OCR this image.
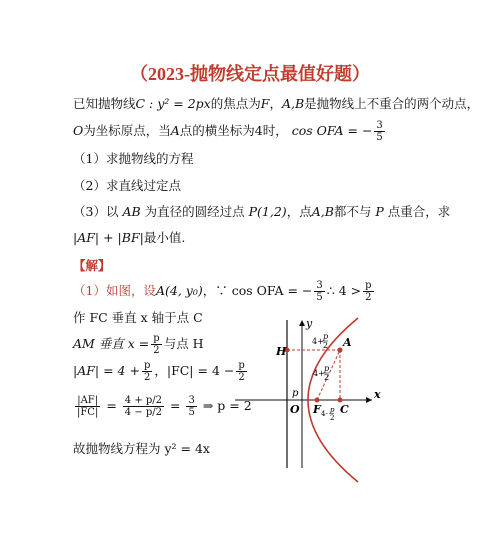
（2023-抛物线定点最值好题）
已知抛物线C : y² = 2px的焦点为F，A,B是抛物线上不重合的两个动点，
O为坐标原点，当A点的横坐标为4时， cos OFA = − $\frac{3}{5}$
（1）求抛物线的方程
（2）求直线过定点
（3）以 AB 为直径的圆经过点 P(1,2)，点A,B都不与 P 点重合，求
|AF| + |BF|最小值.
【解】
（1）如图，设A(4, y₀)，∵ cos OFA = − $\frac{3}{5}$ ∴ $4 > \frac{p}{2}$
作 FC 垂直 x 轴于点 C
AM 垂直 $x = \frac{p}{2}$ 与点 H
$|AF| = 4 + \frac{p}{2}$ ，$|FC| = 4 - \frac{p}{2}$
$\frac{|AF|}{|FC|} = \frac{4 + p/2}{4 - p/2} = \frac{3}{5}$ ⇒ p = 2
故抛物线方程为 y² = 4x
y
x
O
H
A
F C
p
4+
p
2
4+
p
2
4- p
2
